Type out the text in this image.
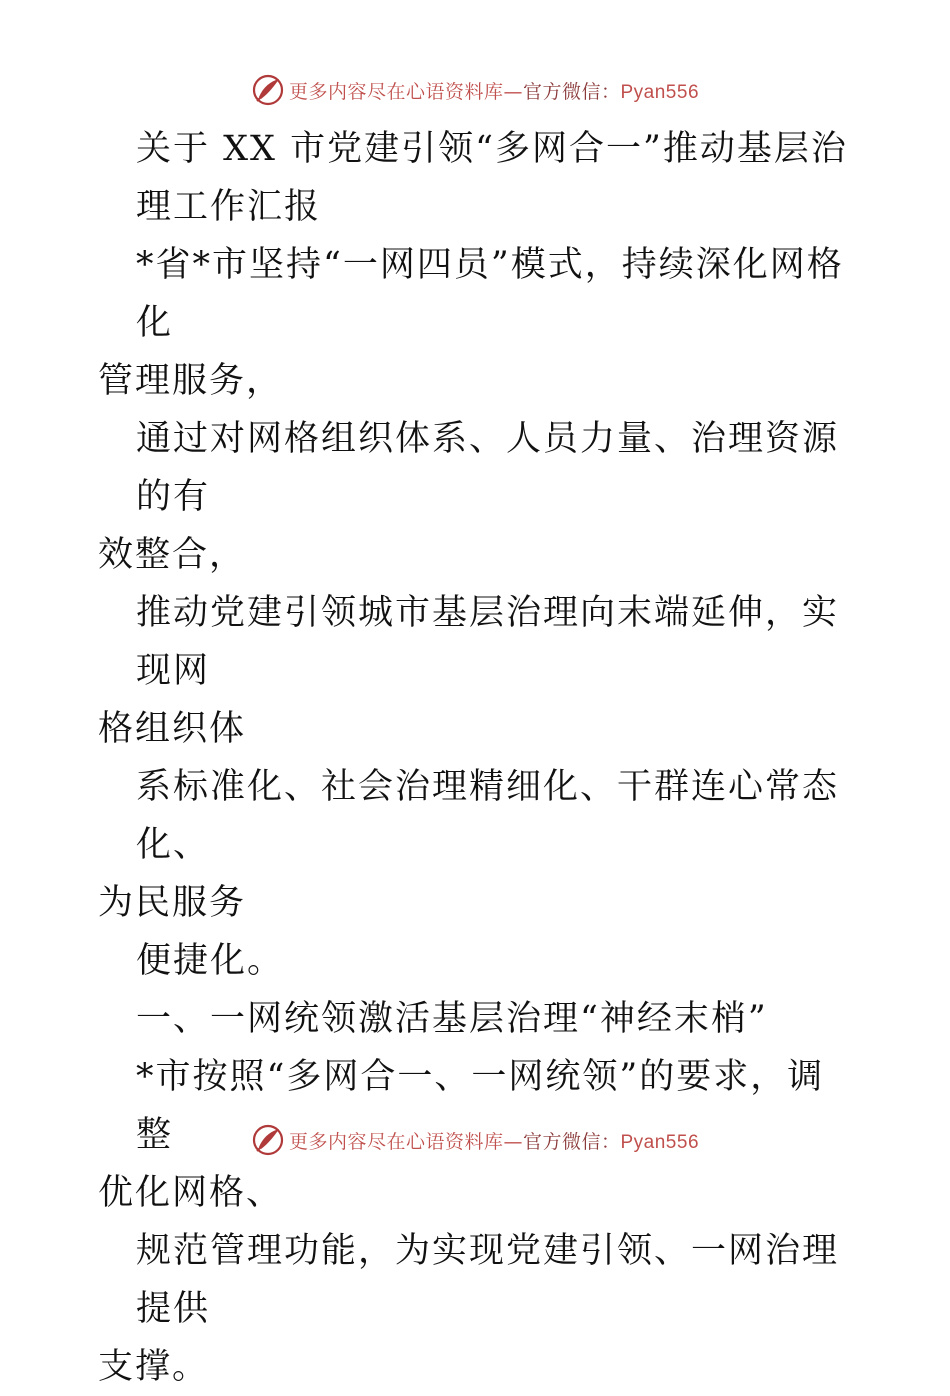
更多内容尽在心语资料库—官方微信：Pyan556

关于 XX 市党建引领“多网合一”推动基层治

理工作汇报

*省*市坚持“一网四员”模式，持续深化网格化

管理服务，

通过对网格组织体系、人员力量、治理资源的有

效整合，

推动党建引领城市基层治理向末端延伸，实现网

格组织体

系标准化、社会治理精细化、干群连心常态化、

为民服务

便捷化。

一、一网统领激活基层治理“神经末梢”

*市按照“多网合一、一网统领”的要求，调整

优化网格、

规范管理功能，为实现党建引领、一网治理提供

支撑。

更多内容尽在心语资料库—官方微信：Pyan556
